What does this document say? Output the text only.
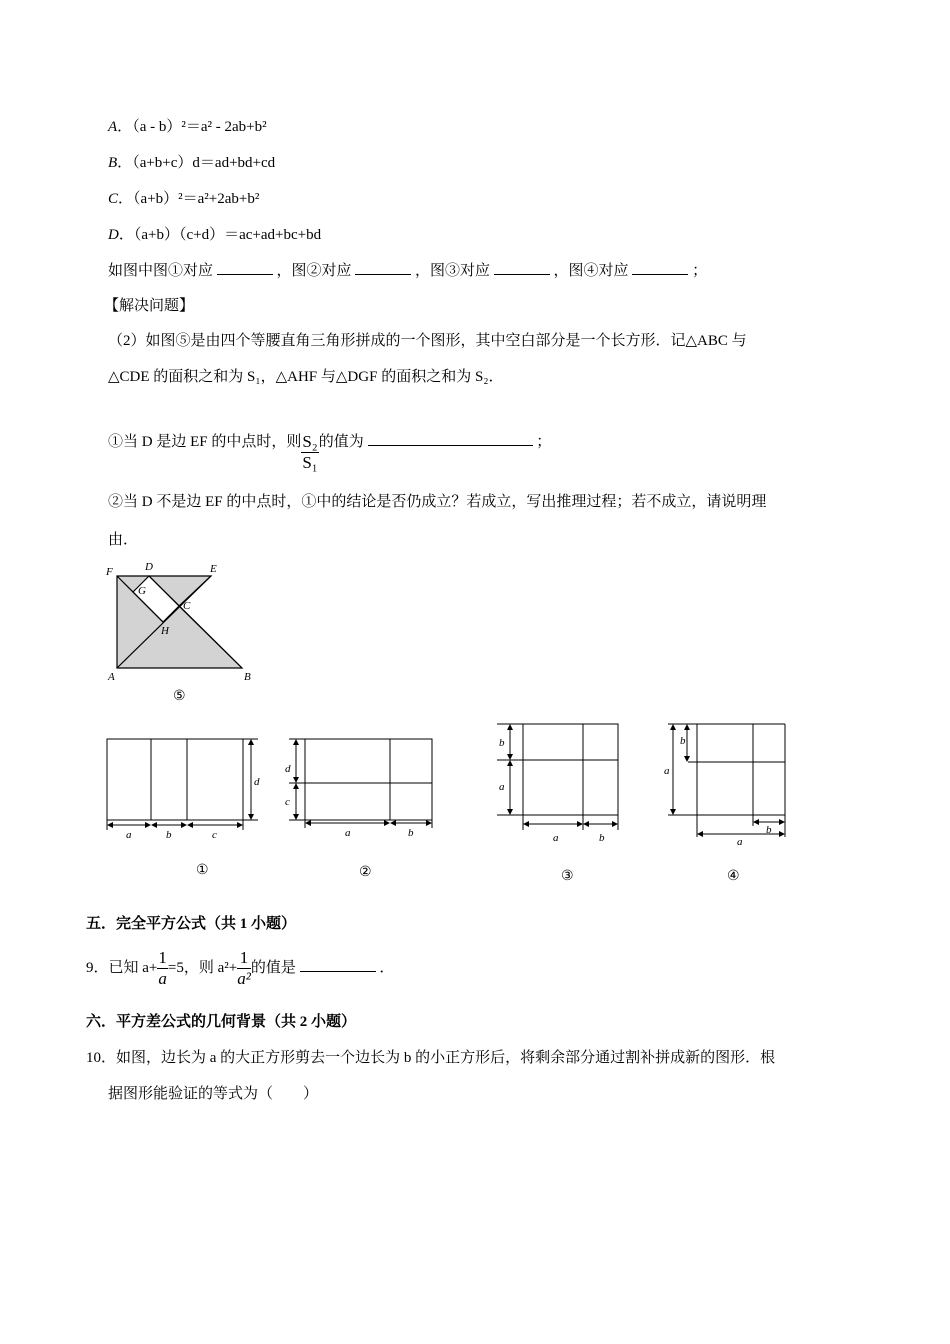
A．（a - b）²＝a² - 2ab+b²
B．（a+b+c）d＝ad+bd+cd
C．（a+b）²＝a²+2ab+b²
D．（a+b）（c+d）＝ac+ad+bc+bd
如图中图①对应	，图②对应	，图③对应	，图④对应	；
【解决问题】
（2）如图⑤是由四个等腰直角三角形拼成的一个图形，其中空白部分是一个长方形．记△ABC 与
△CDE 的面积之和为 S₁，△AHF 与△DGF 的面积之和为 S₂．
①当 D 是边 EF 的中点时，则 $\frac{\text{S₂}}{\text{S₁}}$ 的值为	；
②当 D 不是边 EF 的中点时，①中的结论是否仍成立？若成立，写出推理过程；若不成立，请说明理
由．
F	D	E
G
C
H
A	B
⑤
a	b	c
d
①
d
c
a	b
②
b
a
a	b
③
a
b
b
a
④
五．完全平方公式（共 1 小题）
9．已知 $a+ \frac{1}{a}=5$，则 $a^2+ \frac{1}{\text{a²}}$的值是	．
六．平方差公式的几何背景（共 2 小题）
10．如图，边长为 a 的大正方形剪去一个边长为 b 的小正方形后，将剩余部分通过割补拼成新的图形．根
据图形能验证的等式为（　　）
